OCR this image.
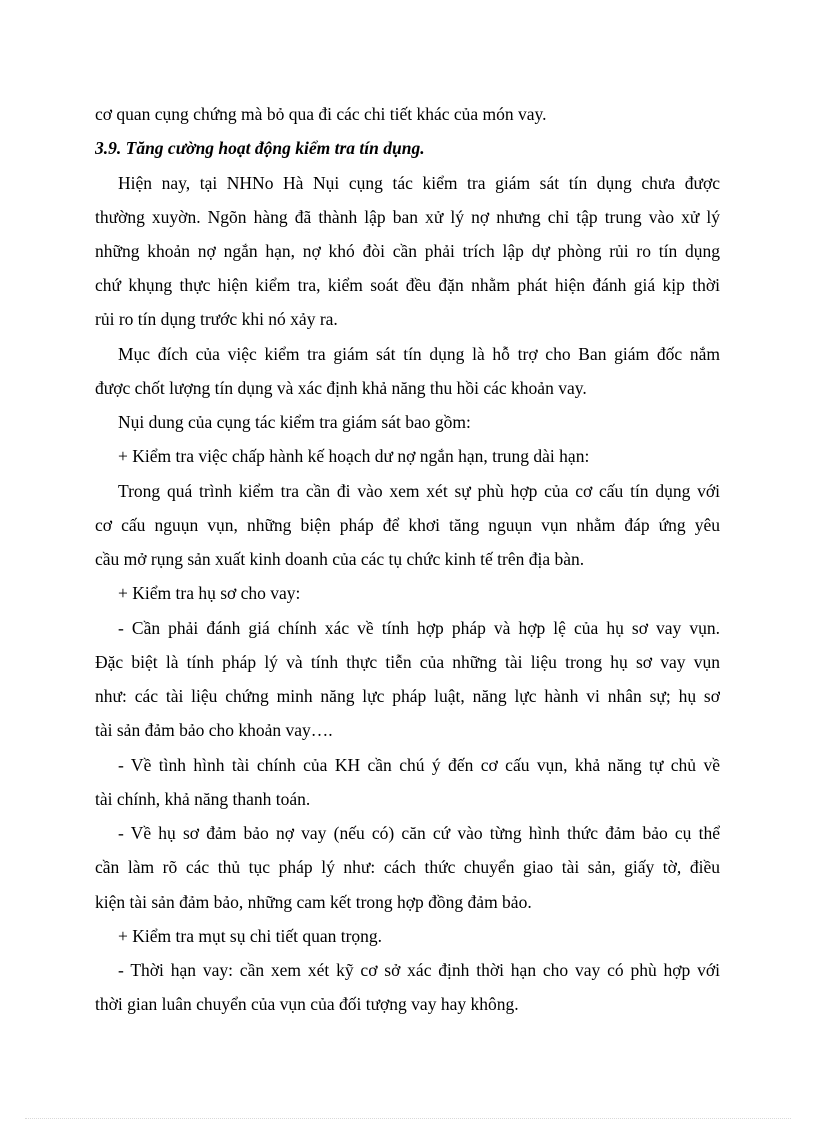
cơ quan cụng chứng mà bỏ qua đi các chi tiết khác của món vay.
3.9. Tăng cường hoạt động kiểm tra tín dụng.
Hiện nay, tại NHNo Hà Nụi cụng tác kiểm tra giám sát tín dụng chưa được
thường xuyờn. Ngõn hàng đã thành lập ban xử lý nợ nhưng chỉ tập trung vào xử lý
những khoản nợ ngắn hạn, nợ khó đòi cần phải trích lập dự phòng rủi ro tín dụng
chứ khụng thực hiện kiểm tra, kiểm soát đều đặn nhằm phát hiện đánh giá kịp thời
rủi ro tín dụng trước khi nó xảy ra.
Mục đích của việc kiểm tra giám sát tín dụng là hỗ trợ cho Ban giám đốc nắm
được chốt lượng tín dụng và xác định khả năng thu hồi các khoản vay.
Nụi dung của cụng tác kiểm tra giám sát bao gồm:
+ Kiểm tra việc chấp hành kế hoạch dư nợ ngắn hạn, trung dài hạn:
Trong quá trình kiểm tra cần đi vào xem xét sự phù hợp của cơ cấu tín dụng với
cơ cấu nguụn vụn, những biện pháp để khơi tăng nguụn vụn nhằm đáp ứng yêu
cầu mở rụng sản xuất kinh doanh của các tụ chức kinh tế trên địa bàn.
+ Kiểm tra hụ sơ cho vay:
- Cần phải đánh giá chính xác về tính hợp pháp và hợp lệ của hụ sơ vay vụn.
Đặc biệt là tính pháp lý và tính thực tiễn của những tài liệu trong hụ sơ vay vụn
như: các tài liệu chứng minh năng lực pháp luật, năng lực hành vi nhân sự; hụ sơ
tài sản đảm bảo cho khoản vay….
- Về tình hình tài chính của KH cần chú ý đến cơ cấu vụn, khả năng tự chủ về
tài chính, khả năng thanh toán.
- Về hụ sơ đảm bảo nợ vay (nếu có) căn cứ vào từng hình thức đảm bảo cụ thể
cần làm rõ các thủ tục pháp lý như: cách thức chuyển giao tài sản, giấy tờ, điều
kiện tài sản đảm bảo, những cam kết trong hợp đồng đảm bảo.
+ Kiểm tra mụt sụ chi tiết quan trọng.
- Thời hạn vay: cần xem xét kỹ cơ sở xác định thời hạn cho vay có phù hợp với
thời gian luân chuyển của vụn của đối tượng vay hay không.
